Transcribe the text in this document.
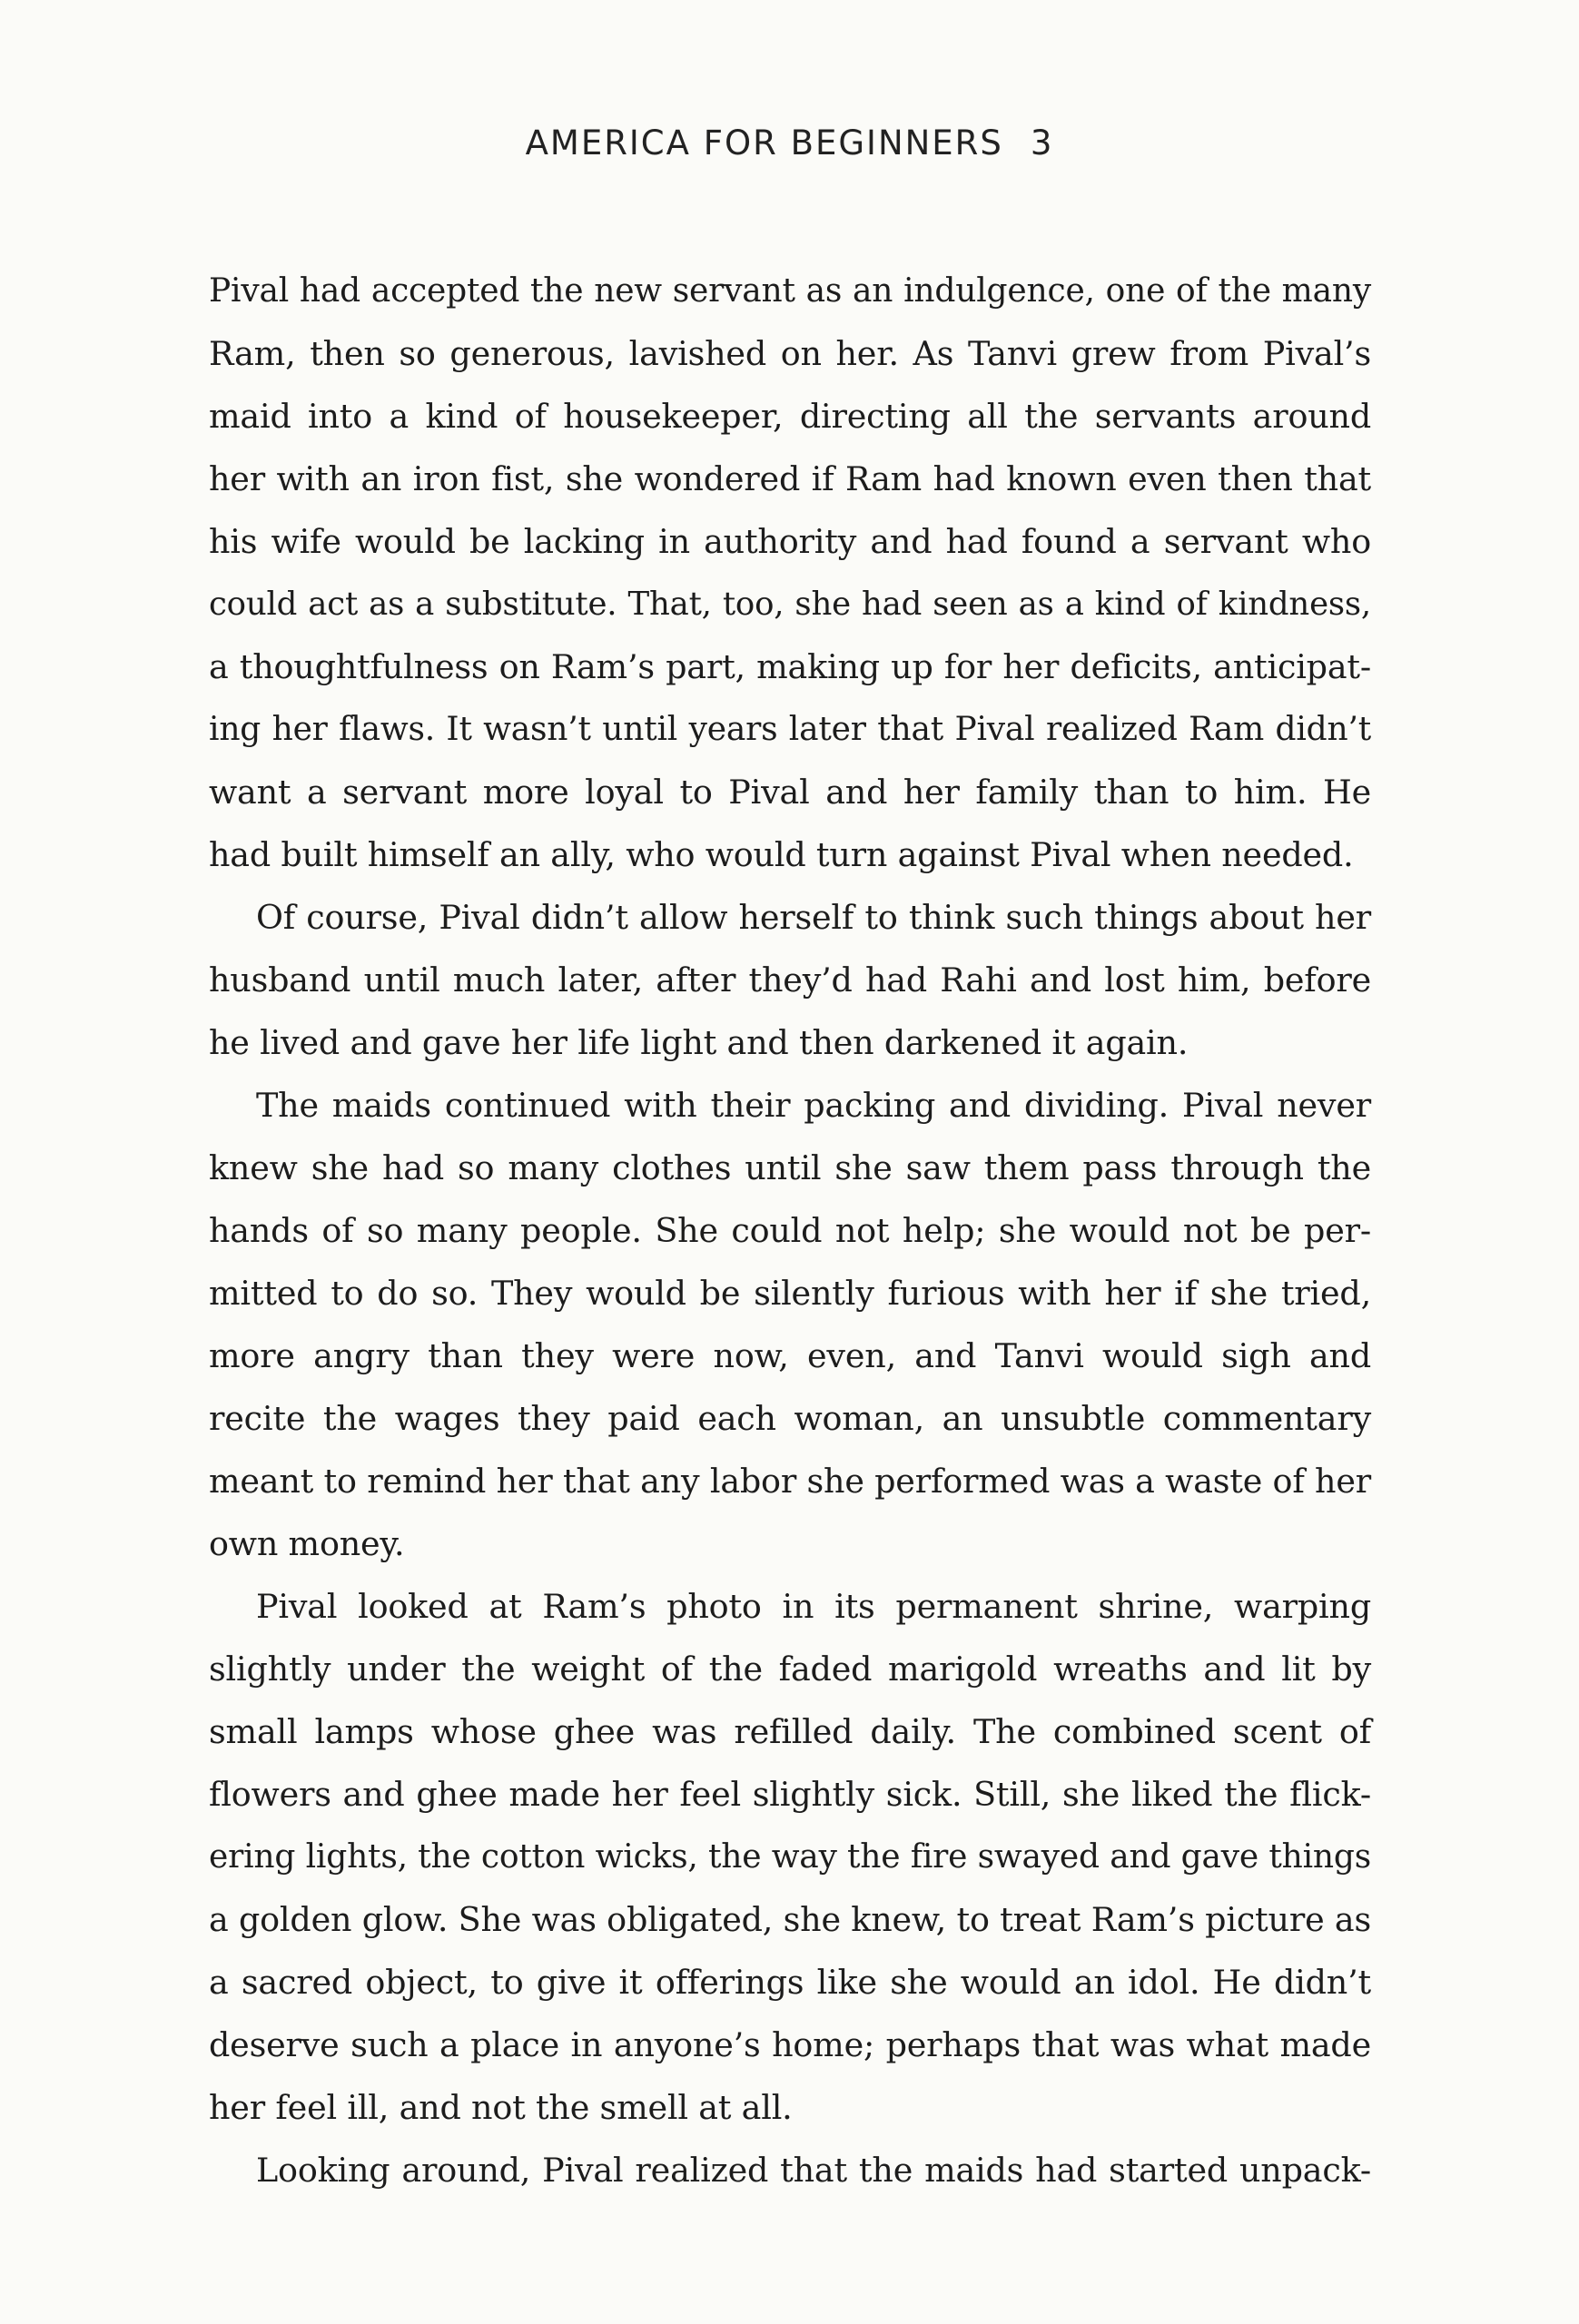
AMERICA FOR BEGINNERS 3
Pival had accepted the new servant as an indulgence, one of the many
Ram, then so generous, lavished on her. As Tanvi grew from Pival’s
maid into a kind of housekeeper, directing all the servants around
her with an iron fist, she wondered if Ram had known even then that
his wife would be lacking in authority and had found a servant who
could act as a substitute. That, too, she had seen as a kind of kindness,
a thoughtfulness on Ram’s part, making up for her deficits, anticipat-
ing her flaws. It wasn’t until years later that Pival realized Ram didn’t
want a servant more loyal to Pival and her family than to him. He
had built himself an ally, who would turn against Pival when needed.
Of course, Pival didn’t allow herself to think such things about her
husband until much later, after they’d had Rahi and lost him, before
he lived and gave her life light and then darkened it again.
The maids continued with their packing and dividing. Pival never
knew she had so many clothes until she saw them pass through the
hands of so many people. She could not help; she would not be per-
mitted to do so. They would be silently furious with her if she tried,
more angry than they were now, even, and Tanvi would sigh and
recite the wages they paid each woman, an unsubtle commentary
meant to remind her that any labor she performed was a waste of her
own money.
Pival looked at Ram’s photo in its permanent shrine, warping
slightly under the weight of the faded marigold wreaths and lit by
small lamps whose ghee was refilled daily. The combined scent of
flowers and ghee made her feel slightly sick. Still, she liked the flick-
ering lights, the cotton wicks, the way the fire swayed and gave things
a golden glow. She was obligated, she knew, to treat Ram’s picture as
a sacred object, to give it offerings like she would an idol. He didn’t
deserve such a place in anyone’s home; perhaps that was what made
her feel ill, and not the smell at all.
Looking around, Pival realized that the maids had started unpack-
